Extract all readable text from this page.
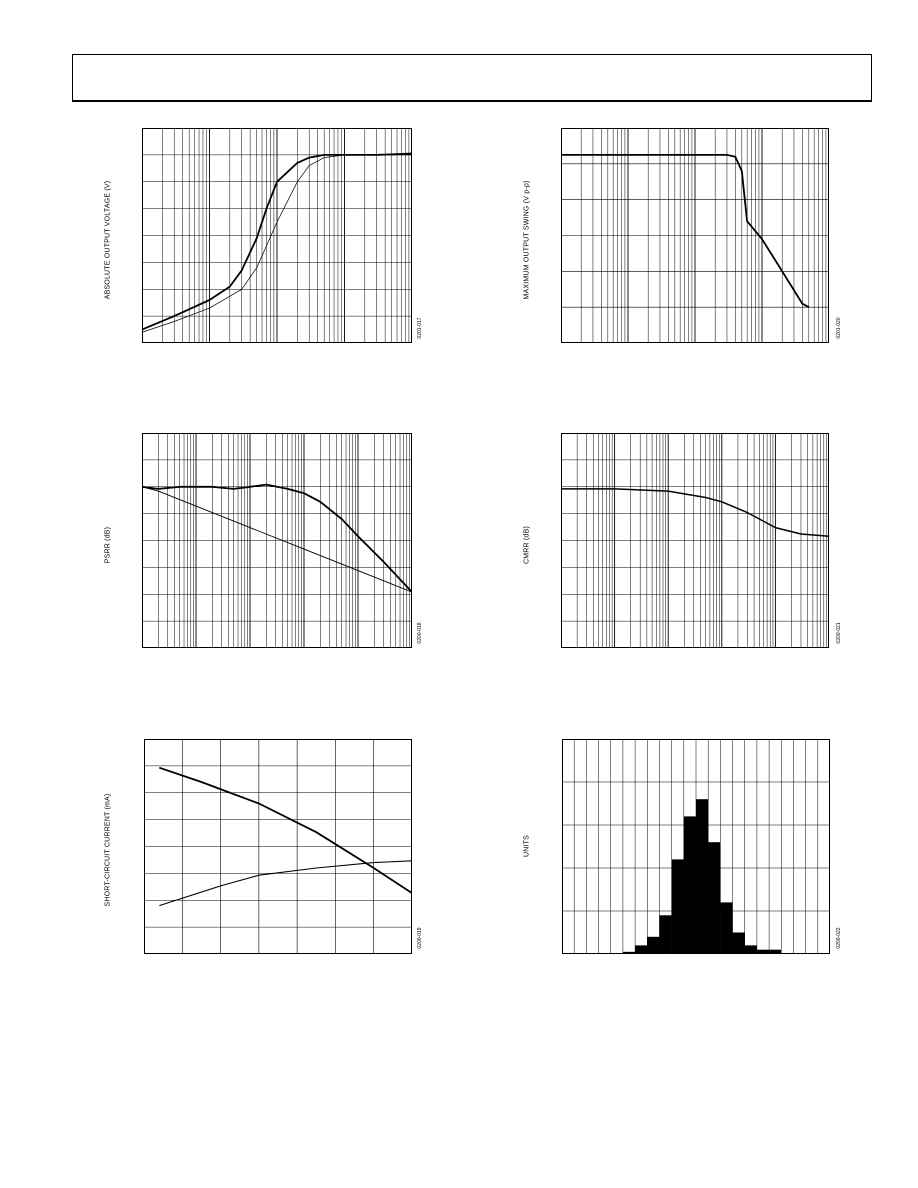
ABSOLUTE OUTPUT VOLTAGE (V)
0201-017
MAXIMUM OUTPUT SWING (V p-p)
0201-020
PSRR (dB)
0200-018
CMRR (dB)
0200-021
SHORT-CIRCUIT CURRENT (mA)
0200-019
UNITS
0200-022
